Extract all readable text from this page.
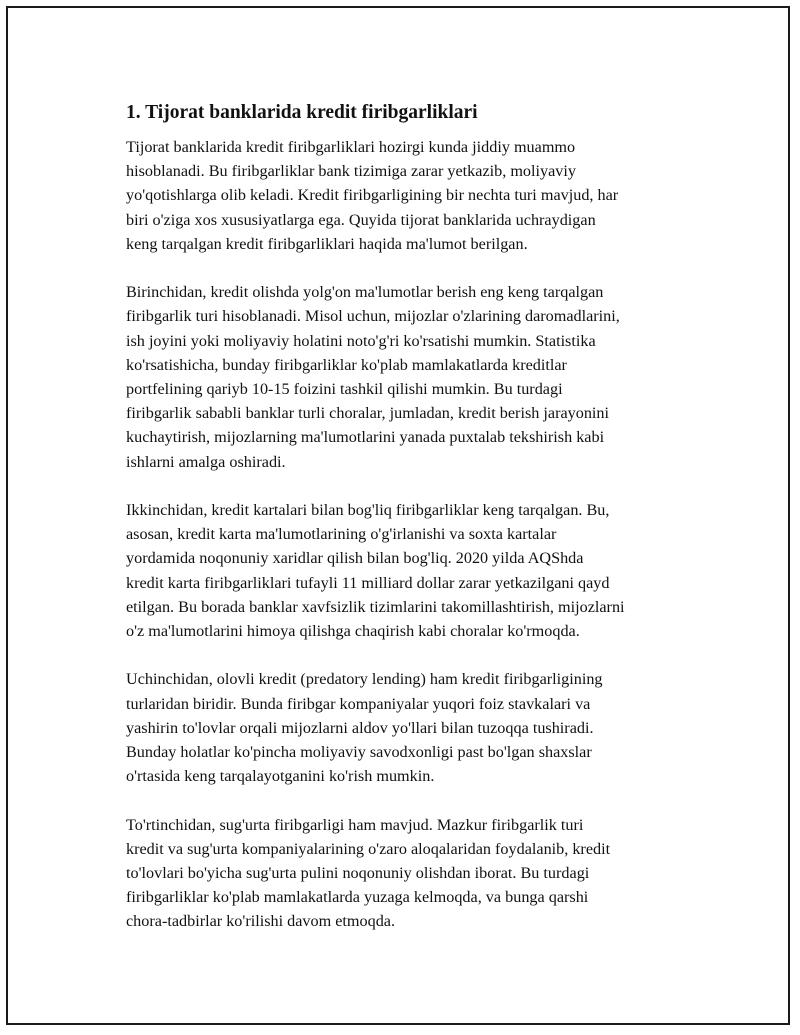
1. Tijorat banklarida kredit firibgarliklari

Tijorat banklarida kredit firibgarliklari hozirgi kunda jiddiy muammo
hisoblanadi. Bu firibgarliklar bank tizimiga zarar yetkazib, moliyaviy
yo'qotishlarga olib keladi. Kredit firibgarligining bir nechta turi mavjud, har
biri o'ziga xos xususiyatlarga ega. Quyida tijorat banklarida uchraydigan
keng tarqalgan kredit firibgarliklari haqida ma'lumot berilgan.

Birinchidan, kredit olishda yolg'on ma'lumotlar berish eng keng tarqalgan
firibgarlik turi hisoblanadi. Misol uchun, mijozlar o'zlarining daromadlarini,
ish joyini yoki moliyaviy holatini noto'g'ri ko'rsatishi mumkin. Statistika
ko'rsatishicha, bunday firibgarliklar ko'plab mamlakatlarda kreditlar
portfelining qariyb 10-15 foizini tashkil qilishi mumkin. Bu turdagi
firibgarlik sababli banklar turli choralar, jumladan, kredit berish jarayonini
kuchaytirish, mijozlarning ma'lumotlarini yanada puxtalab tekshirish kabi
ishlarni amalga oshiradi.

Ikkinchidan, kredit kartalari bilan bog'liq firibgarliklar keng tarqalgan. Bu,
asosan, kredit karta ma'lumotlarining o'g'irlanishi va soxta kartalar
yordamida noqonuniy xaridlar qilish bilan bog'liq. 2020 yilda AQShda
kredit karta firibgarliklari tufayli 11 milliard dollar zarar yetkazilgani qayd
etilgan. Bu borada banklar xavfsizlik tizimlarini takomillashtirish, mijozlarni
o'z ma'lumotlarini himoya qilishga chaqirish kabi choralar ko'rmoqda.

Uchinchidan, olovli kredit (predatory lending) ham kredit firibgarligining
turlaridan biridir. Bunda firibgar kompaniyalar yuqori foiz stavkalari va
yashirin to'lovlar orqali mijozlarni aldov yo'llari bilan tuzoqqa tushiradi.
Bunday holatlar ko'pincha moliyaviy savodxonligi past bo'lgan shaxslar
o'rtasida keng tarqalayotganini ko'rish mumkin.

To'rtinchidan, sug'urta firibgarligi ham mavjud. Mazkur firibgarlik turi
kredit va sug'urta kompaniyalarining o'zaro aloqalaridan foydalanib, kredit
to'lovlari bo'yicha sug'urta pulini noqonuniy olishdan iborat. Bu turdagi
firibgarliklar ko'plab mamlakatlarda yuzaga kelmoqda, va bunga qarshi
chora-tadbirlar ko'rilishi davom etmoqda.
